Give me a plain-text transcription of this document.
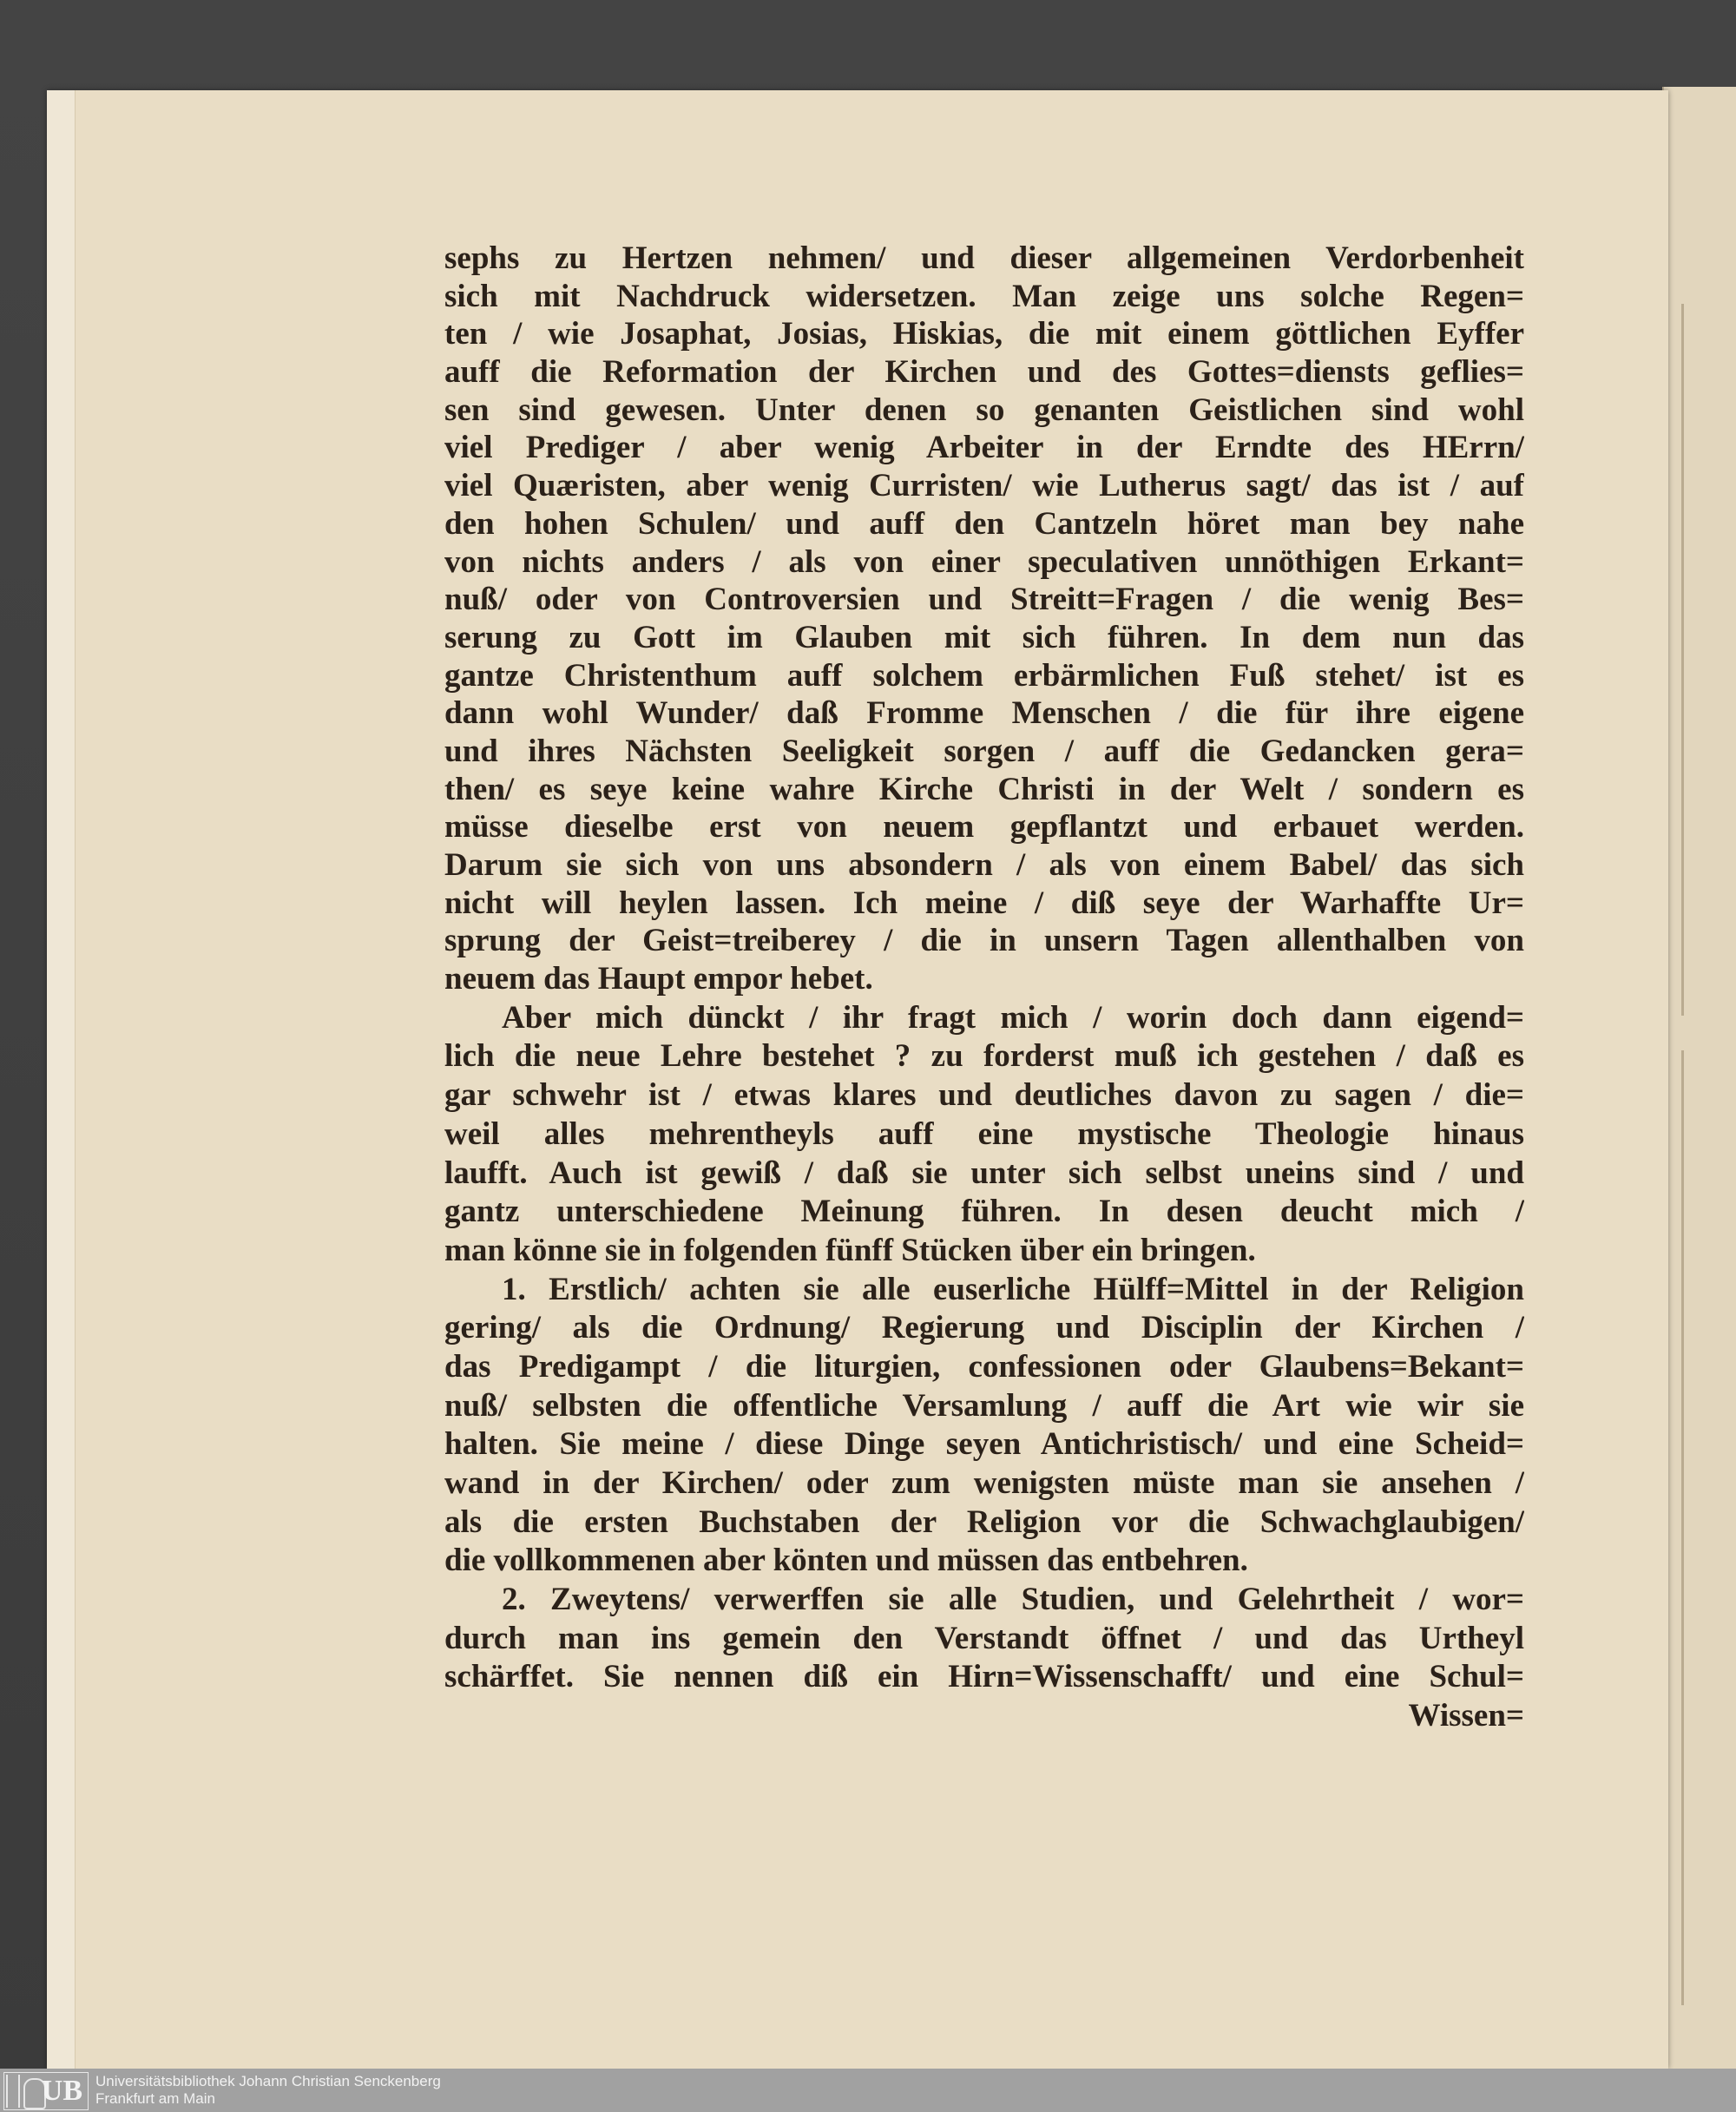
sephs zu Hertzen nehmen/ und dieser allgemeinen Verdorbenheit
sich mit Nachdruck widersetzen. Man zeige uns solche Regen=
ten / wie Josaphat, Josias, Hiskias, die mit einem göttlichen Eyffer
auff die Reformation der Kirchen und des Gottes=diensts geflies=
sen sind gewesen. Unter denen so genanten Geistlichen sind wohl
viel Prediger / aber wenig Arbeiter in der Erndte des HErrn/
viel Quæristen, aber wenig Curristen/ wie Lutherus sagt/ das ist / auf
den hohen Schulen/ und auff den Cantzeln höret man bey nahe
von nichts anders / als von einer speculativen unnöthigen Erkant=
nuß/ oder von Controversien und Streitt=Fragen / die wenig Bes=
serung zu Gott im Glauben mit sich führen. In dem nun das
gantze Christenthum auff solchem erbärmlichen Fuß stehet/ ist es
dann wohl Wunder/ daß Fromme Menschen / die für ihre eigene
und ihres Nächsten Seeligkeit sorgen / auff die Gedancken gera=
then/ es seye keine wahre Kirche Christi in der Welt / sondern es
müsse dieselbe erst von neuem gepflantzt und erbauet werden.
Darum sie sich von uns absondern / als von einem Babel/ das sich
nicht will heylen lassen. Ich meine / diß seye der Warhaffte Ur=
sprung der Geist=treiberey / die in unsern Tagen allenthalben von
neuem das Haupt empor hebet.
Aber mich dünckt / ihr fragt mich / worin doch dann eigend=
lich die neue Lehre bestehet ? zu forderst muß ich gestehen / daß es
gar schwehr ist / etwas klares und deutliches davon zu sagen / die=
weil alles mehrentheyls auff eine mystische Theologie hinaus
laufft. Auch ist gewiß / daß sie unter sich selbst uneins sind / und
gantz unterschiedene Meinung führen. In desen deucht mich /
man könne sie in folgenden fünff Stücken über ein bringen.
1. Erstlich/ achten sie alle euserliche Hülff=Mittel in der Religion
gering/ als die Ordnung/ Regierung und Disciplin der Kirchen /
das Predigampt / die liturgien, confessionen oder Glaubens=Bekant=
nuß/ selbsten die offentliche Versamlung / auff die Art wie wir sie
halten. Sie meine / diese Dinge seyen Antichristisch/ und eine Scheid=
wand in der Kirchen/ oder zum wenigsten müste man sie ansehen /
als die ersten Buchstaben der Religion vor die Schwachglaubigen/
die vollkommenen aber könten und müssen das entbehren.
2. Zweytens/ verwerffen sie alle Studien, und Gelehrtheit / wor=
durch man ins gemein den Verstandt öffnet / und das Urtheyl
schärffet. Sie nennen diß ein Hirn=Wissenschafft/ und eine Schul=
Wissen=
UB Universitätsbibliothek Johann Christian Senckenberg
Frankfurt am Main
